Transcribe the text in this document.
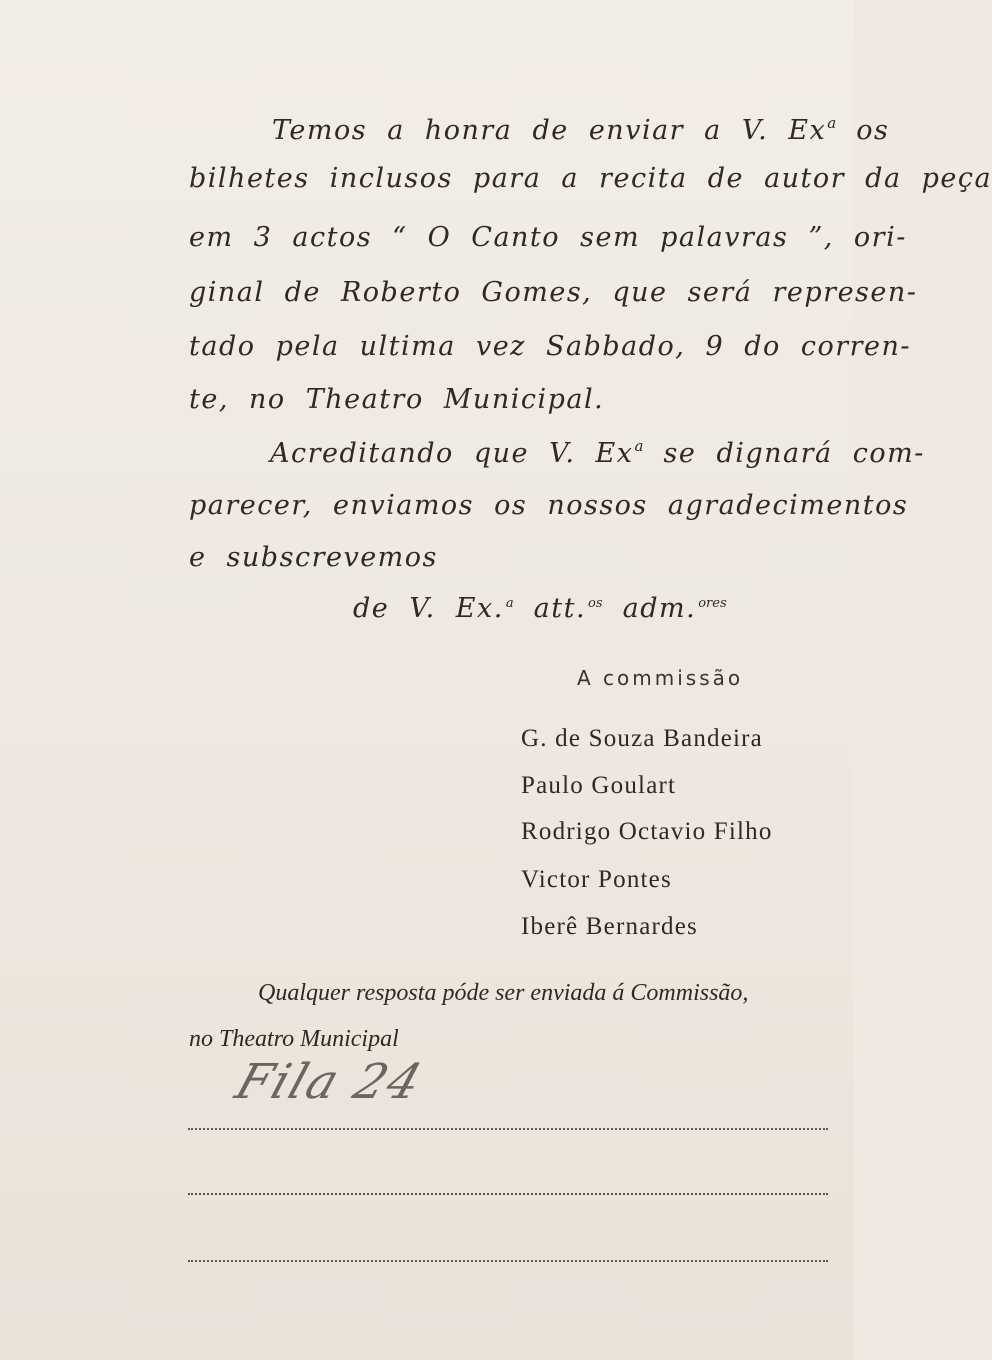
Temos a honra de enviar a V. Ex$^a$ os
bilhetes inclusos para a recita de autor da peça
em 3 actos “ O Canto sem palavras ”, ori-
ginal de Roberto Gomes, que será represen-
tado pela ultima vez Sabbado, 9 do corren-
te, no Theatro Municipal.
Acreditando que V. Ex$^a$ se dignará com-
parecer, enviamos os nossos agradecimentos
e subscrevemos
de V. Ex. $^a$ att. $^{os}$ adm. $^{ores}$
A commissão
G. de Souza Bandeira
Paulo Goulart
Rodrigo Octavio Filho
Victor Pontes
Iberê Bernardes
Qualquer resposta póde ser enviada á Commissão,
no Theatro Municipal
Fila 24
